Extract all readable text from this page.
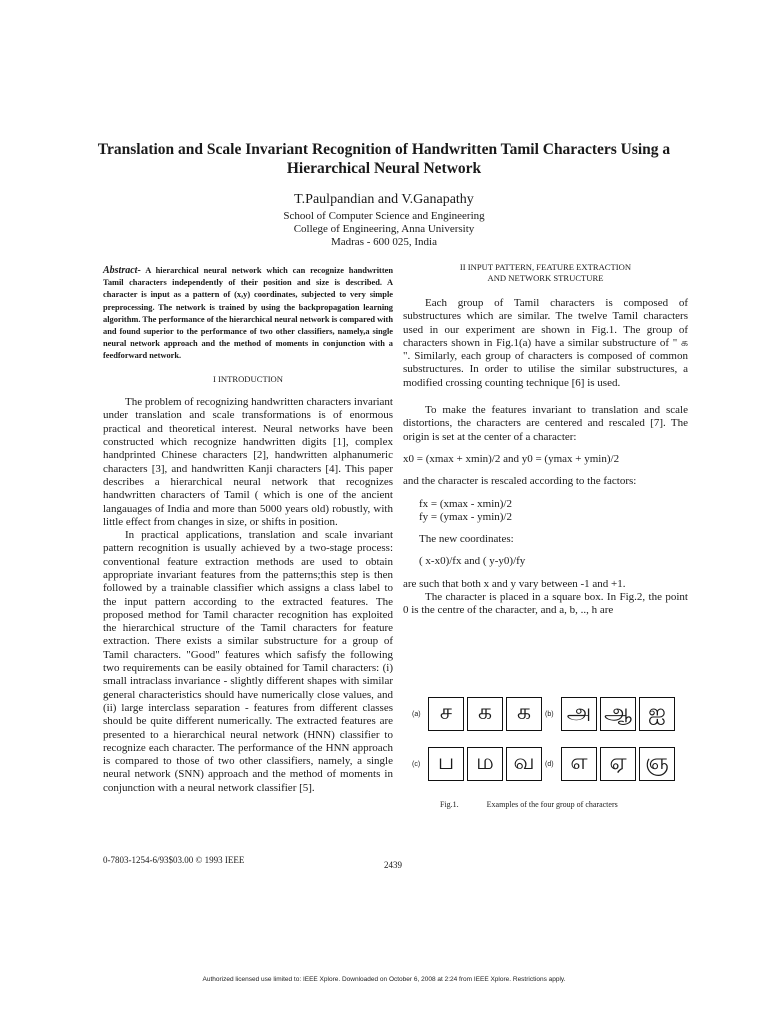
Translation and Scale Invariant Recognition of Handwritten Tamil Characters Using a Hierarchical Neural Network
T.Paulpandian and V.Ganapathy
School of Computer Science and Engineering
College of Engineering, Anna University
Madras - 600 025, India

Abstract- A hierarchical neural network which can recognize handwritten Tamil characters independently of their position and size is described. A character is input as a pattern of (x,y) coordinates, subjected to very simple preprocessing. The network is trained by using the backpropagation learning algorithm. The performance of the hierarchical neural network is compared with and found superior to the performance of two other classifiers, namely,a single neural network approach and the method of moments in conjunction with a feedforward network.

I INTRODUCTION

The problem of recognizing handwritten characters invariant under translation and scale transformations is of enormous practical and theoretical interest. Neural networks have been constructed which recognize handwritten digits [1], complex handprinted Chinese characters [2], handwritten alphanumeric characters [3], and handwritten Kanji characters [4]. This paper describes a hierarchical neural network that recognizes handwritten characters of Tamil ( which is one of the ancient langauages of India and more than 5000 years old) robustly, with little effect from changes in size, or shifts in position.

In practical applications, translation and scale invariant pattern recognition is usually achieved by a two-stage process: conventional feature extraction methods are used to obtain appropriate invariant features from the patterns;this step is then followed by a trainable classifier which assigns a class label to the input pattern according to the extracted features. The proposed method for Tamil character recognition has exploited the hierarchical structure of the Tamil characters for feature extraction. There exists a similar substructure for a group of Tamil characters. "Good" features which safisfy the following two requirements can be easily obtained for Tamil characters: (i) small intraclass invariance - slightly different shapes with similar general characteristics should have numerically close values, and (ii) large interclass separation - features from different classes should be quite different numerically. The extracted features are presented to a hierarchical neural network (HNN) classifier to recognize each character. The performance of the HNN approach is compared to those of two other classifiers, namely, a single neural network (SNN) approach and the method of moments in conjunction with a neural network classifier [5].

II INPUT PATTERN, FEATURE EXTRACTION
AND NETWORK STRUCTURE

Each group of Tamil characters is composed of substructures which are similar. The twelve Tamil characters used in our experiment are shown in Fig.1. The group of characters shown in Fig.1(a) have a similar substructure of " க ". Similarly, each group of characters is composed of common substructures. In order to utilise the similar substructures, a modified crossing counting technique [6] is used.

To make the features invariant to translation and scale distortions, the characters are centered and rescaled [7]. The origin is set at the center of a character:

x0 = (xmax + xmin)/2 and y0 = (ymax + ymin)/2

and the character is rescaled according to the factors:

fx = (xmax - xmin)/2
fy = (ymax - ymin)/2

The new coordinates:

( x-x0)/fx and ( y-y0)/fy

are such that both x and y vary between -1 and +1.

The character is placed in a square box. In Fig.2, the point 0 is the centre of the character, and a, b, .., h are

(a) ச	க	க	(b) அ ஆ ஐ
(c) ப ம வ	(d) எ ஏ ஞ
Fig.1.	Examples of the four group of characters
0-7803-1254-6/93$03.00 © 1993 IEEE	2439
Authorized licensed use limited to: IEEE Xplore. Downloaded on October 6, 2008 at 2:24 from IEEE Xplore. Restrictions apply.
